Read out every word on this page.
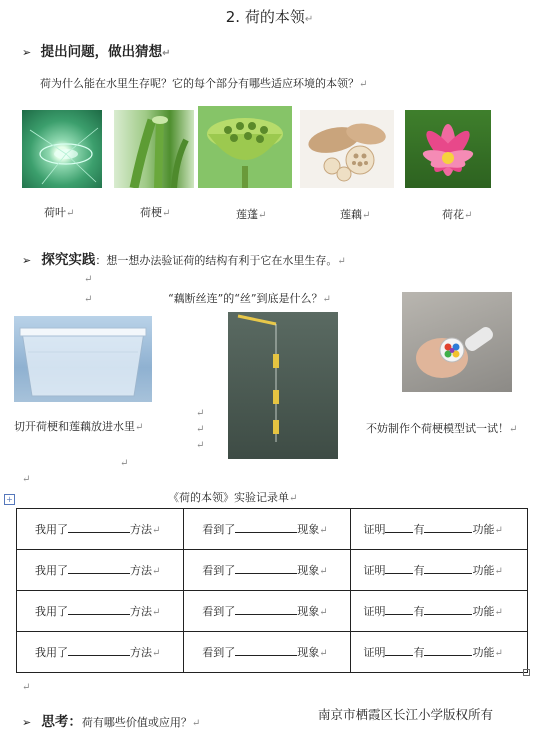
2. 荷的本领↵
➢ 提出问题，做出猜想↵
荷为什么能在水里生存呢？它的每个部分有哪些适应环境的本领？↵
荷叶↵	荷梗↵	莲蓬↵	莲藕↵	荷花↵
➢ 探究实践：想一想办法验证荷的结构有利于它在水里生存。↵
↵
↵	“藕断丝连”的“丝”到底是什么？↵
切开荷梗和莲藕放进水里↵	不妨制作个荷梗模型试一试！↵
↵
↵
↵
↵
↵
《荷的本领》实验记录单↵
+
我用了 方法↵	看到了 现象↵	证明 有 功能↵
我用了 方法↵	看到了 现象↵	证明 有 功能↵
我用了 方法↵	看到了 现象↵	证明 有 功能↵
我用了 方法↵	看到了 现象↵	证明 有 功能↵
↵
➢ 思考：荷有哪些价值或应用？↵
南京市栖霞区长江小学版权所有
